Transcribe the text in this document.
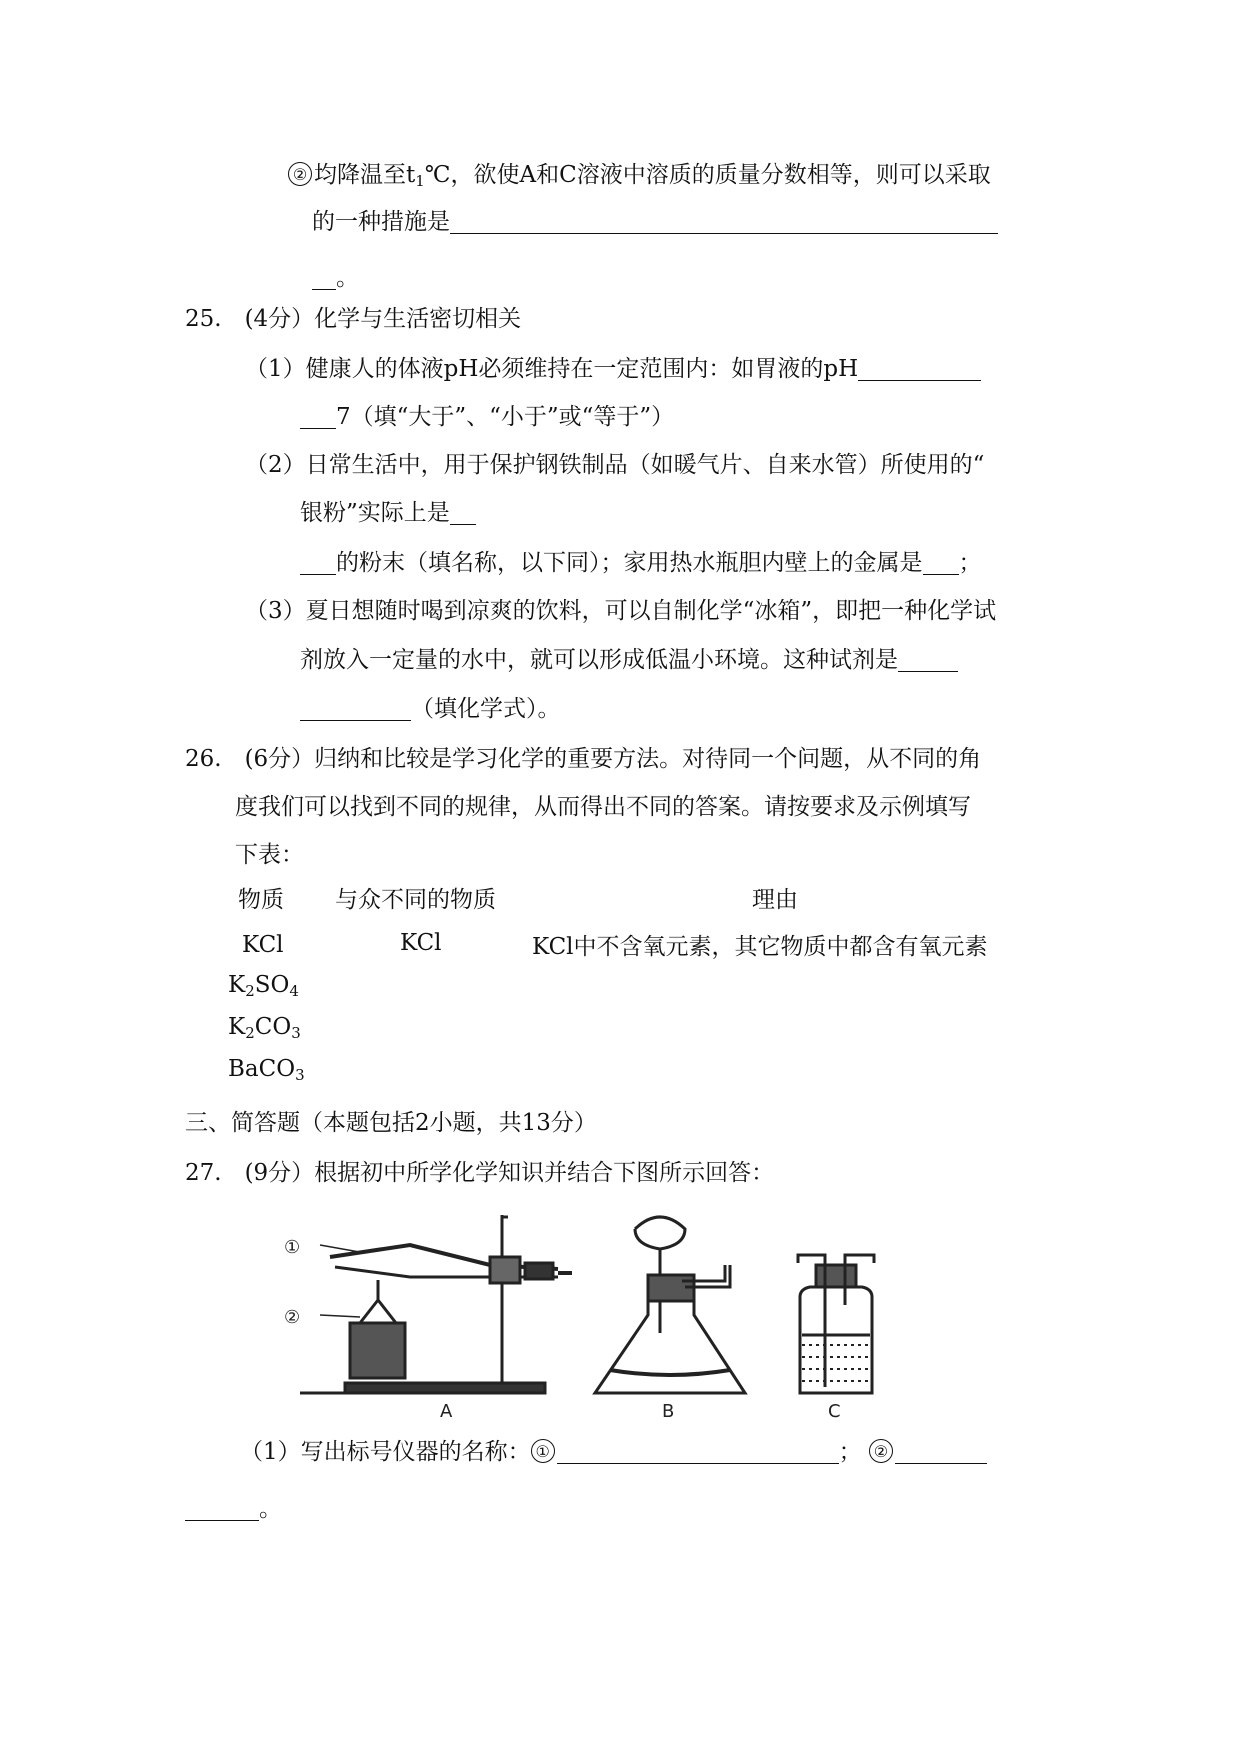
② 均降温至$t_1℃$，欲使A和C溶液中溶质的质量分数相等，则可以采取
的一种措施是
。
25.　(4分）化学与生活密切相关
（1）健康人的体液pH必须维持在一定范围内：如胃液的pH
7（填“大于”、“小于”或“等于”）
（2）日常生活中，用于保护钢铁制品（如暖气片、自来水管）所使用的“
银粉”实际上是
的粉末（填名称，以下同）；家用热水瓶胆内壁上的金属是 ；
（3）夏日想随时喝到凉爽的饮料，可以自制化学“冰箱”，即把一种化学试
剂放入一定量的水中，就可以形成低温小环境。这种试剂是
（填化学式）。
26.　(6分）归纳和比较是学习化学的重要方法。对待同一个问题，从不同的角
度我们可以找到不同的规律，从而得出不同的答案。请按要求及示例填写
下表：
物质 与众不同的物质	理由
KCl	KCl	KCl中不含氧元素，其它物质中都含有氧元素
$K_2SO_4$
$K_2CO_3$
BaCO$_3$
三、简答题（本题包括2小题，共13分）
27.　(9分）根据初中所学化学知识并结合下图所示回答：
①
②
A	B	C
（1）写出标号仪器的名称： ①	； ②
。
